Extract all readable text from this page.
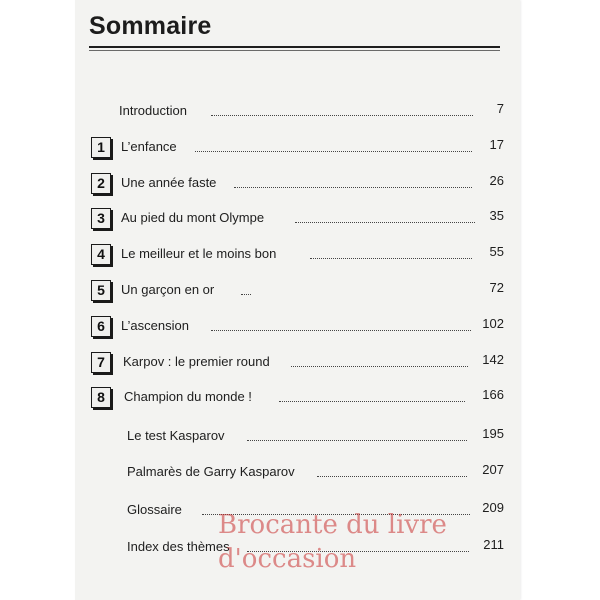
Sommaire
Introduction	7
1	L’enfance	17
2	Une année faste	26
3	Au pied du mont Olympe	35
4	Le meilleur et le moins bon	55
5	Un garçon en or	72
6	L’ascension	102
7	Karpov : le premier round	142
8	Champion du monde !	166
Le test Kasparov	195
Palmarès de Garry Kasparov	207
Glossaire	209
Index des thèmes	211
Brocante du livre
d'occasion
